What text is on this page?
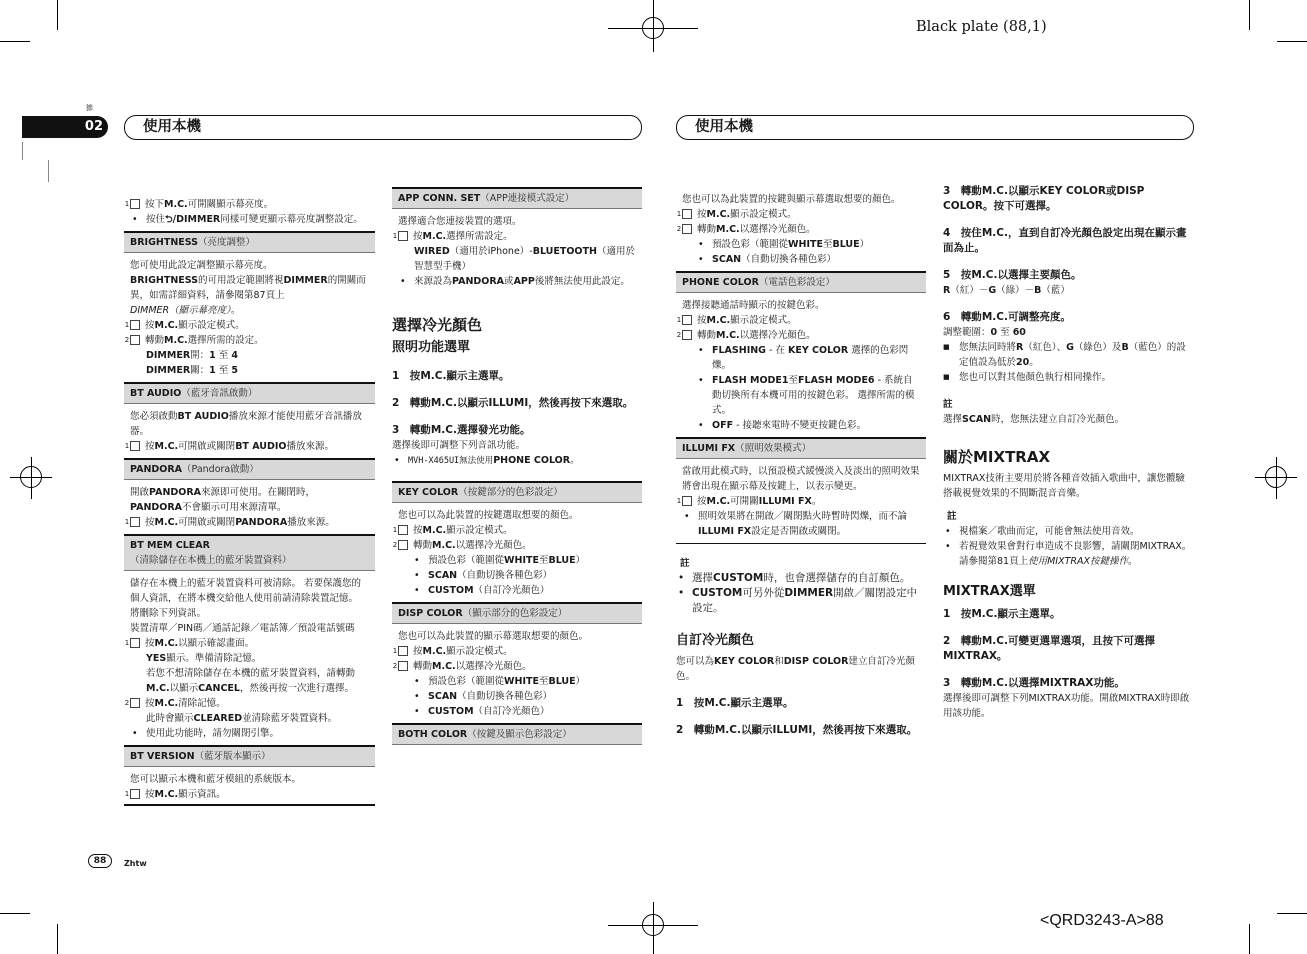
Black plate (88,1)
<QRD3243-A>88
節
02	使用本機	使用本機
1 按下M.C.可開關顯示幕亮度。
• 按住⮌/DIMMER同樣可變更顯示幕亮度調整設定。
BRIGHTNESS（亮度調整）
您可使用此設定調整顯示幕亮度。
BRIGHTNESS的可用設定範圍將視DIMMER的開關而異，如需詳細資料，請參閱第87頁上
DIMMER（顯示幕亮度）。
1 按M.C.顯示設定模式。
2 轉動M.C.選擇所需的設定。
DIMMER開：1 至 4
DIMMER關：1 至 5
BT AUDIO（藍牙音訊啟動）
您必須啟動BT AUDIO播放來源才能使用藍牙音訊播放器。
1 按M.C.可開啟或關閉BT AUDIO播放來源。
PANDORA（Pandora啟動）
開啟PANDORA來源即可使用。在關閉時，
PANDORA不會顯示可用來源清單。
1 按M.C.可開啟或關閉PANDORA播放來源。
BT MEM CLEAR（清除儲存在本機上的藍牙裝置資料）
儲存在本機上的藍牙裝置資料可被清除。 若要保護您的個人資訊，在將本機交給他人使用前請清除裝置記憶。 將刪除下列資訊。
裝置清單／PIN碼／通話記錄／電話簿／預設電話號碼
1 按M.C.以顯示確認畫面。
YES顯示。準備清除記憶。
若您不想清除儲存在本機的藍牙裝置資料，請轉動M.C.以顯示CANCEL，然後再按一次進行選擇。
2 按M.C.清除記憶。
此時會顯示CLEARED並清除藍牙裝置資料。
• 使用此功能時，請勿關閉引擎。
BT VERSION（藍牙版本顯示）
您可以顯示本機和藍牙模組的系統版本。
1 按M.C.顯示資訊。
APP CONN. SET（APP連接模式設定）
選擇適合您連接裝置的選項。
1 按M.C.選擇所需設定。
WIRED（適用於iPhone）-BLUETOOTH（適用於智慧型手機）
• 來源設為PANDORA或APP後將無法使用此設定。
選擇冷光顏色
照明功能選單
1　按M.C.顯示主選單。
2　轉動M.C.以顯示ILLUMI，然後再按下來選取。
3　轉動M.C.選擇發光功能。
選擇後即可調整下列音訊功能。
• MVH-X465UI無法使用PHONE COLOR。
KEY COLOR（按鍵部分的色彩設定）
您也可以為此裝置的按鍵選取想要的顏色。
1 按M.C.顯示設定模式。
2 轉動M.C.以選擇冷光顏色。
• 預設色彩（範圍從WHITE至BLUE）
• SCAN（自動切換各種色彩）
• CUSTOM（自訂冷光顏色）
DISP COLOR（顯示部分的色彩設定）
您也可以為此裝置的顯示幕選取想要的顏色。
1 按M.C.顯示設定模式。
2 轉動M.C.以選擇冷光顏色。
• 預設色彩（範圍從WHITE至BLUE）
• SCAN（自動切換各種色彩）
• CUSTOM（自訂冷光顏色）
BOTH COLOR（按鍵及顯示色彩設定）
您也可以為此裝置的按鍵與顯示幕選取想要的顏色。
1 按M.C.顯示設定模式。
2 轉動M.C.以選擇冷光顏色。
• 預設色彩（範圍從WHITE至BLUE）
• SCAN（自動切換各種色彩）
PHONE COLOR（電話色彩設定）
選擇接聽通話時顯示的按鍵色彩。
1 按M.C.顯示設定模式。
2 轉動M.C.以選擇冷光顏色。
• FLASHING - 在 KEY COLOR 選擇的色彩閃爍。
• FLASH MODE1至FLASH MODE6 - 系統自動切換所有本機可用的按鍵色彩。 選擇所需的模式。
• OFF - 接聽來電時不變更按鍵色彩。
ILLUMI FX（照明效果模式）
當啟用此模式時，以預設模式緩慢淡入及淡出的照明效果將會出現在顯示幕及按鍵上，以表示變更。
1 按M.C.可開關ILLUMI FX。
• 照明效果將在開啟／關閉點火時暫時閃爍，而不論ILLUMI FX設定是否開啟或關閉。
註
• 選擇CUSTOM時，也會選擇儲存的自訂顏色。
• CUSTOM可另外從DIMMER開啟／關閉設定中設定。
自訂冷光顏色
您可以為KEY COLOR和DISP COLOR建立自訂冷光顏色。
1　按M.C.顯示主選單。
2　轉動M.C.以顯示ILLUMI，然後再按下來選取。
3　轉動M.C.以顯示KEY COLOR或DISP COLOR。按下可選擇。
4　按住M.C.，直到自訂冷光顏色設定出現在顯示畫面為止。
5　按M.C.以選擇主要顏色。
R（紅）－G（綠）－B（藍）
6　轉動M.C.可調整亮度。
調整範圍：0 至 60
■ 您無法同時將R（紅色）、G（綠色）及B（藍色）的設定值設為低於20。
■ 您也可以對其他顏色執行相同操作。
註
選擇SCAN時，您無法建立自訂冷光顏色。
關於MIXTRAX
MIXTRAX技術主要用於將各種音效插入歌曲中，讓您體驗搭載視覺效果的不間斷混音音樂。
註
• 視檔案／歌曲而定，可能會無法使用音效。
• 若視覺效果會對行車造成不良影響，請關閉MIXTRAX。請參閱第81頁上使用MIXTRAX按鍵操作。
MIXTRAX選單
1　按M.C.顯示主選單。
2　轉動M.C.可變更選單選項，且按下可選擇MIXTRAX。
3　轉動M.C.以選擇MIXTRAX功能。
選擇後即可調整下列MIXTRAX功能。開啟MIXTRAX時即啟用該功能。
88	Zhtw
